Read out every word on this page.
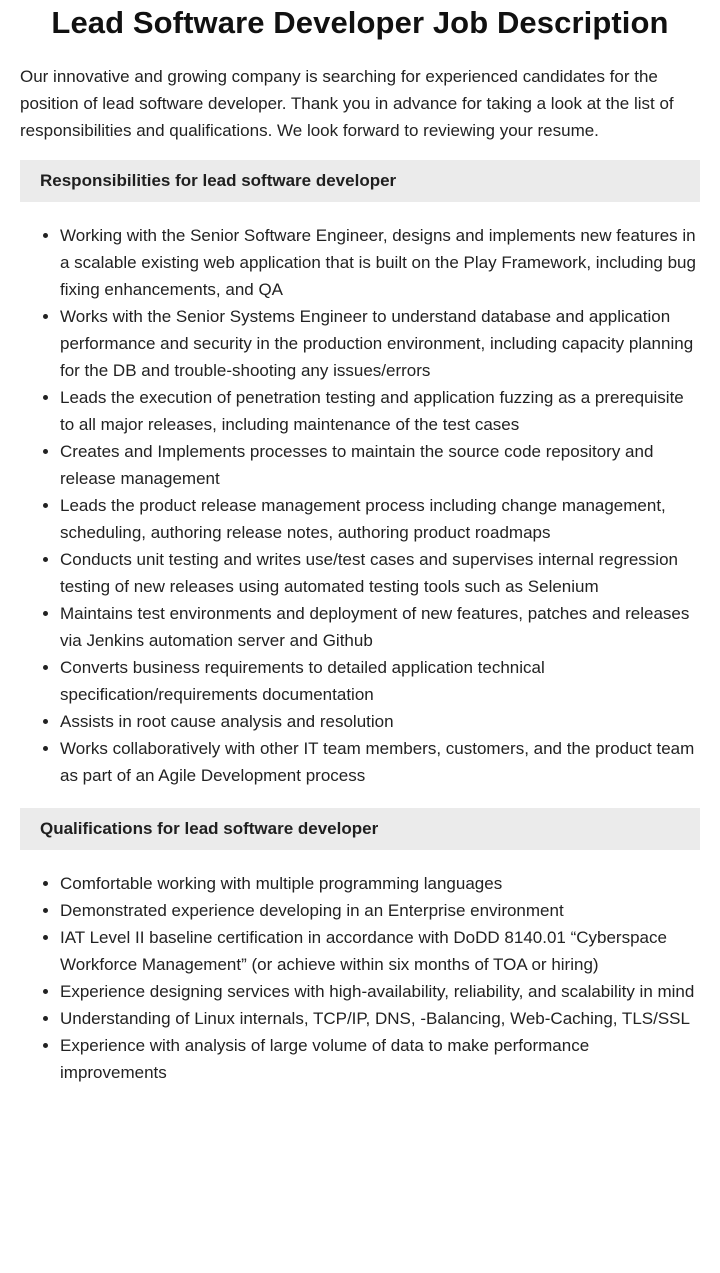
Lead Software Developer Job Description

Our innovative and growing company is searching for experienced candidates for the position of lead software developer. Thank you in advance for taking a look at the list of responsibilities and qualifications. We look forward to reviewing your resume.

Responsibilities for lead software developer
• Working with the Senior Software Engineer, designs and implements new features in a scalable existing web application that is built on the Play Framework, including bug fixing enhancements, and QA
• Works with the Senior Systems Engineer to understand database and application performance and security in the production environment, including capacity planning for the DB and trouble-shooting any issues/errors
• Leads the execution of penetration testing and application fuzzing as a prerequisite to all major releases, including maintenance of the test cases
• Creates and Implements processes to maintain the source code repository and release management
• Leads the product release management process including change management, scheduling, authoring release notes, authoring product roadmaps
• Conducts unit testing and writes use/test cases and supervises internal regression testing of new releases using automated testing tools such as Selenium
• Maintains test environments and deployment of new features, patches and releases via Jenkins automation server and Github
• Converts business requirements to detailed application technical specification/requirements documentation
• Assists in root cause analysis and resolution
• Works collaboratively with other IT team members, customers, and the product team as part of an Agile Development process
Qualifications for lead software developer
• Comfortable working with multiple programming languages
• Demonstrated experience developing in an Enterprise environment
• IAT Level II baseline certification in accordance with DoDD 8140.01 “Cyberspace Workforce Management” (or achieve within six months of TOA or hiring)
• Experience designing services with high-availability, reliability, and scalability in mind
• Understanding of Linux internals, TCP/IP, DNS, -Balancing, Web-Caching, TLS/SSL
• Experience with analysis of large volume of data to make performance improvements
